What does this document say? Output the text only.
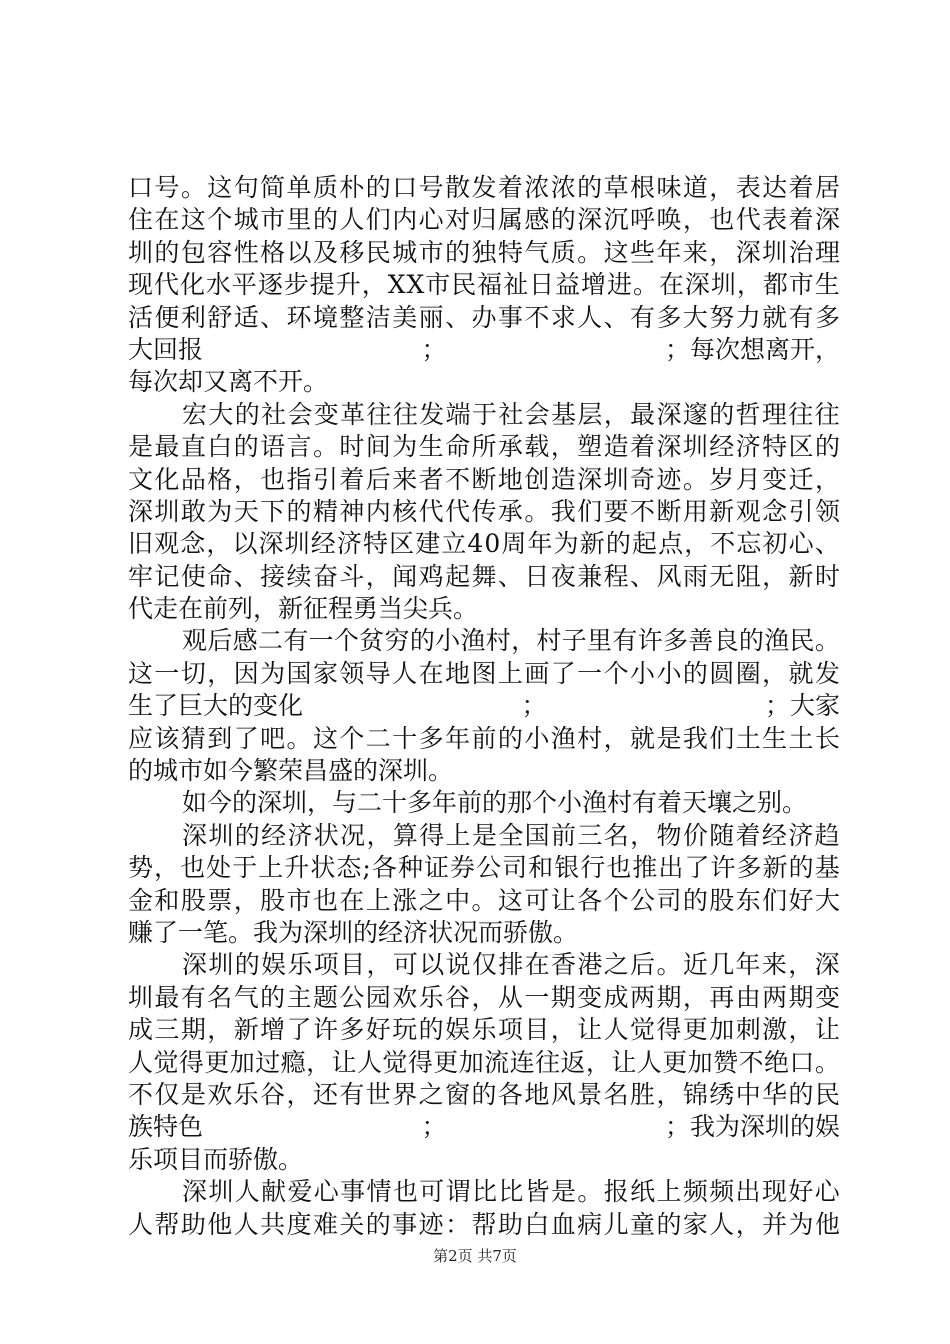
口 号 。 这 句 简 单 质 朴 的 口 号 散 发 着 浓 浓 的 草 根 味 道 ， 表 达 着 居
住 在 这 个 城 市 里 的 人 们 内 心 对 归 属 感 的 深 沉 呼 唤 ， 也 代 表 着 深
圳 的 包 容 性 格 以 及 移 民 城 市 的 独 特 气 质 。 这 些 年 来 ， 深 圳 治 理
现 代 化 水 平 逐 步 提 升 ， X X 市 民 福 祉 日 益 增 进 。 在 深 圳 ， 都 市 生
活 便 利 舒 适 、 环 境 整 洁 美 丽 、 办 事 不 求 人 、 有 多 大 努 力 就 有 多
大回报	；	；每次想离开，
每次却又离不开。
宏 大 的 社 会 变 革 往 往 发 端 于 社 会 基 层 ， 最 深 邃 的 哲 理 往 往
是 最 直 白 的 语 言 。 时 间 为 生 命 所 承 载 ， 塑 造 着 深 圳 经 济 特 区 的
文 化 品 格 ， 也 指 引 着 后 来 者 不 断 地 创 造 深 圳 奇 迹 。 岁 月 变 迁 ，
深 圳 敢 为 天 下 的 精 神 内 核 代 代 传 承 。 我 们 要 不 断 用 新 观 念 引 领
旧 观 念 ， 以 深 圳 经 济 特 区 建 立 4 0 周 年 为 新 的 起 点 ， 不 忘 初 心 、
牢 记 使 命 、 接 续 奋 斗 ， 闻 鸡 起 舞 、 日 夜 兼 程 、 风 雨 无 阻 ， 新 时
代走在前列，新征程勇当尖兵。
观 后 感 二 有 一 个 贫 穷 的 小 渔 村 ， 村 子 里 有 许 多 善 良 的 渔 民 。
这 一 切 ， 因 为 国 家 领 导 人 在 地 图 上 画 了 一 个 小 小 的 圆 圈 ， 就 发
生了巨大的变化	；	；大家
应 该 猜 到 了 吧 。 这 个 二 十 多 年 前 的 小 渔 村 ， 就 是 我 们 土 生 土 长
的城市如今繁荣昌盛的深圳。
如今的深圳，与二十多年前的那个小渔村有着天壤之别。
深 圳 的 经 济 状 况 ， 算 得 上 是 全 国 前 三 名 ， 物 价 随 着 经 济 趋
势 ， 也 处 于 上 升 状 态 ; 各 种 证 券 公 司 和 银 行 也 推 出 了 许 多 新 的 基
金 和 股 票 ， 股 市 也 在 上 涨 之 中 。 这 可 让 各 个 公 司 的 股 东 们 好 大
赚了一笔。我为深圳的经济状况而骄傲。
深 圳 的 娱 乐 项 目 ， 可 以 说 仅 排 在 香 港 之 后 。 近 几 年 来 ， 深
圳 最 有 名 气 的 主 题 公 园 欢 乐 谷 ， 从 一 期 变 成 两 期 ， 再 由 两 期 变
成 三 期 ， 新 增 了 许 多 好 玩 的 娱 乐 项 目 ， 让 人 觉 得 更 加 刺 激 ， 让
人 觉 得 更 加 过 瘾 ， 让 人 觉 得 更 加 流 连 往 返 ， 让 人 更 加 赞 不 绝 口 。
不 仅 是 欢 乐 谷 ， 还 有 世 界 之 窗 的 各 地 风 景 名 胜 ， 锦 绣 中 华 的 民
族特色	；	；我为深圳的娱
乐项目而骄傲。
深 圳 人 献 爱 心 事 情 也 可 谓 比 比 皆 是 。 报 纸 上 频 频 出 现 好 心
人 帮 助 他 人 共 度 难 关 的 事 迹 ： 帮 助 白 血 病 儿 童 的 家 人 ， 并 为 他
第2页 共7页
